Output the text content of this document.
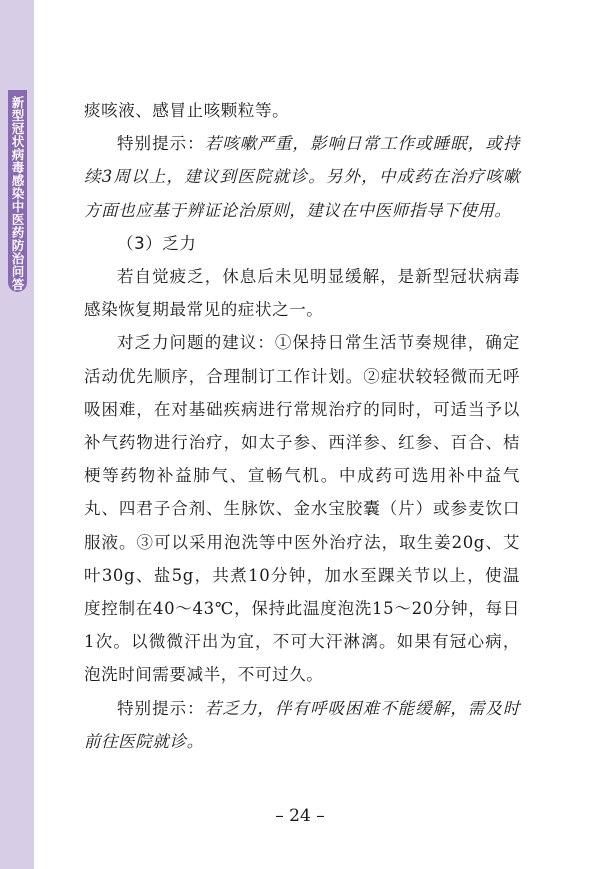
新型冠状病毒感染中医药防治问答	痰咳液、感冒止咳颗粒等。

特别提示：若咳嗽严重，影响日常工作或睡眠，或持续3周以上，建议到医院就诊。另外，中成药在治疗咳嗽方面也应基于辨证论治原则，建议在中医师指导下使用。

（3）乏力

若自觉疲乏，休息后未见明显缓解，是新型冠状病毒感染恢复期最常见的症状之一。

对乏力问题的建议：①保持日常生活节奏规律，确定活动优先顺序，合理制订工作计划。②症状较轻微而无呼吸困难，在对基础疾病进行常规治疗的同时，可适当予以补气药物进行治疗，如太子参、西洋参、红参、百合、桔梗等药物补益肺气、宣畅气机。中成药可选用补中益气丸、四君子合剂、生脉饮、金水宝胶囊（片）或参麦饮口服液。③可以采用泡洗等中医外治疗法，取生姜20g、艾叶30g、盐5g，共煮10分钟，加水至踝关节以上，使温度控制在40～43℃，保持此温度泡洗15～20分钟，每日1次。以微微汗出为宜，不可大汗淋漓。如果有冠心病，泡洗时间需要减半，不可过久。

特别提示：若乏力，伴有呼吸困难不能缓解，需及时前往医院就诊。

– 24 –
